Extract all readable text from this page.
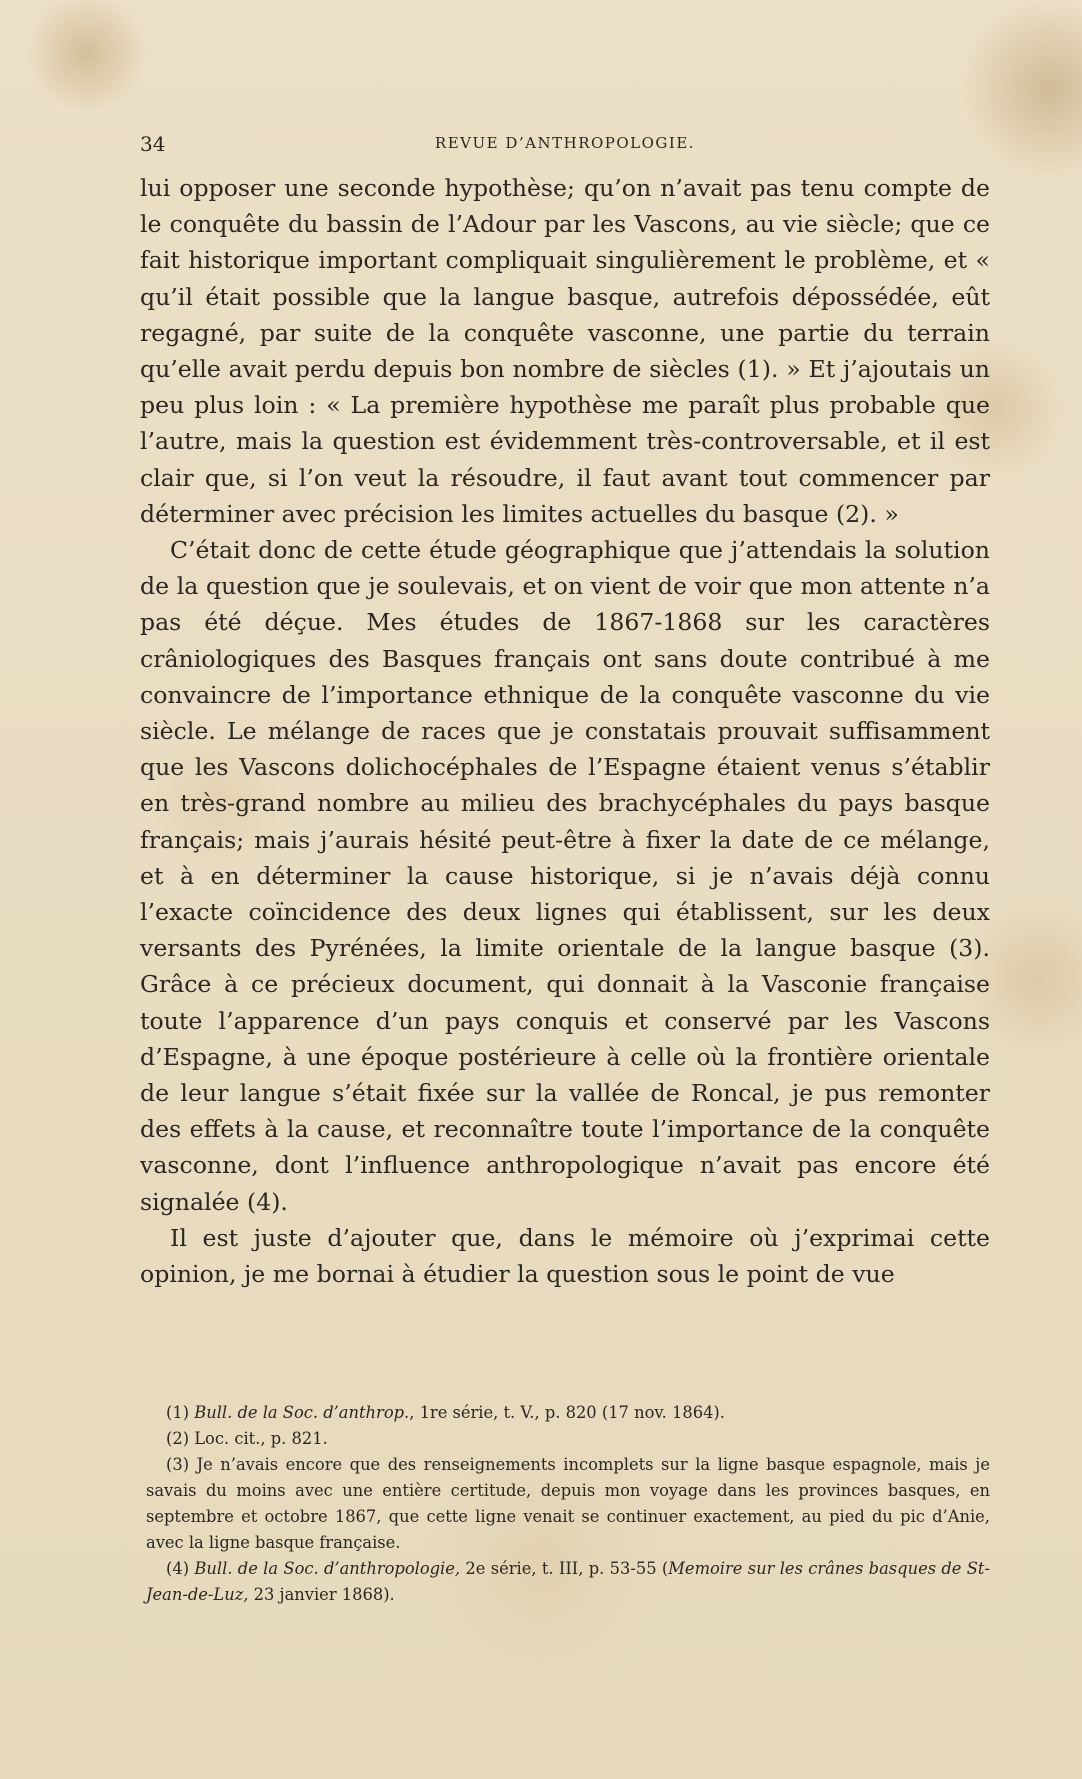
34	REVUE D’ANTHROPOLOGIE.

lui opposer une seconde hypothèse; qu’on n’avait pas tenu compte de le conquête du bassin de l’Adour par les Vascons, au vie siècle; que ce fait historique important compliquait singulièrement le problème, et « qu’il était possible que la langue basque, autrefois dépossédée, eût regagné, par suite de la conquête vasconne, une partie du terrain qu’elle avait perdu depuis bon nombre de siècles (1). » Et j’ajoutais un peu plus loin : « La première hypothèse me paraît plus probable que l’autre, mais la question est évidemment très-controversable, et il est clair que, si l’on veut la résoudre, il faut avant tout commencer par déterminer avec précision les limites actuelles du basque (2). »

C’était donc de cette étude géographique que j’attendais la solution de la question que je soulevais, et on vient de voir que mon attente n’a pas été déçue. Mes études de 1867-1868 sur les caractères crâniologiques des Basques français ont sans doute contribué à me convaincre de l’importance ethnique de la conquête vasconne du vie siècle. Le mélange de races que je constatais prouvait suffisamment que les Vascons dolichocéphales de l’Espagne étaient venus s’établir en très-grand nombre au milieu des brachycéphales du pays basque français; mais j’aurais hésité peut-être à fixer la date de ce mélange, et à en déterminer la cause historique, si je n’avais déjà connu l’exacte coïncidence des deux lignes qui établissent, sur les deux versants des Pyrénées, la limite orientale de la langue basque (3). Grâce à ce précieux document, qui donnait à la Vasconie française toute l’apparence d’un pays conquis et conservé par les Vascons d’Espagne, à une époque postérieure à celle où la frontière orientale de leur langue s’était fixée sur la vallée de Roncal, je pus remonter des effets à la cause, et reconnaître toute l’importance de la conquête vasconne, dont l’influence anthropologique n’avait pas encore été signalée (4).

Il est juste d’ajouter que, dans le mémoire où j’exprimai cette opinion, je me bornai à étudier la question sous le point de vue

(1) Bull. de la Soc. d’anthrop., 1re série, t. V., p. 820 (17 nov. 1864).

(2) Loc. cit., p. 821.

(3) Je n’avais encore que des renseignements incomplets sur la ligne basque espagnole, mais je savais du moins avec une entière certitude, depuis mon voyage dans les provinces basques, en septembre et octobre 1867, que cette ligne venait se continuer exactement, au pied du pic d’Anie, avec la ligne basque française.

(4) Bull. de la Soc. d’anthropologie, 2e série, t. III, p. 53-55 (Memoire sur les crânes basques de St-Jean-de-Luz, 23 janvier 1868).
